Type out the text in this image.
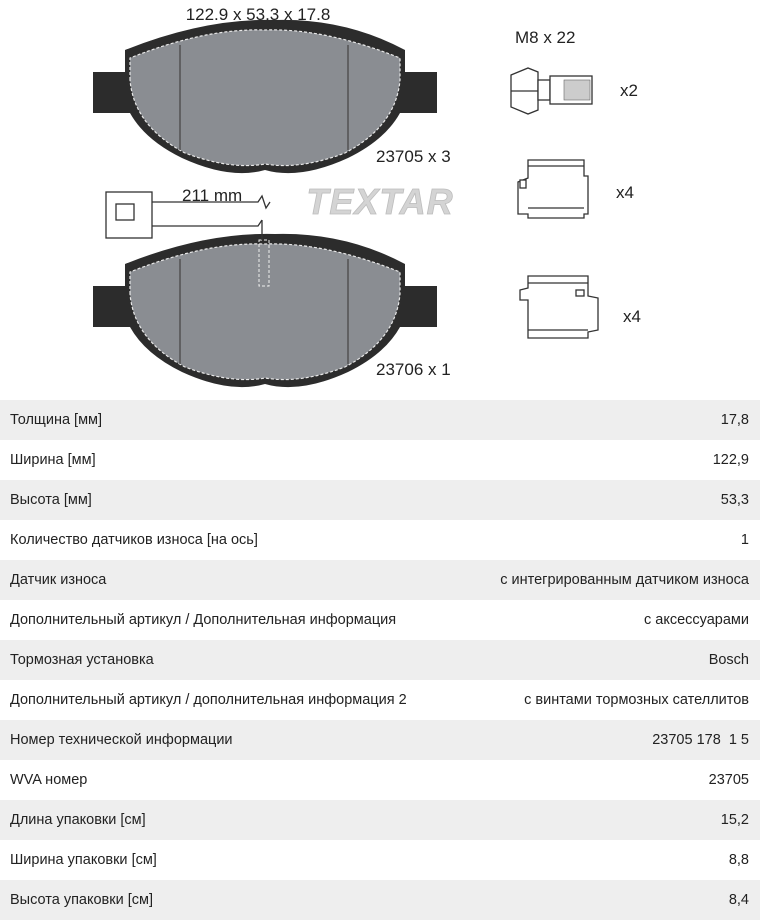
122.9 x 53.3 x 17.8
M8 x 22
x2
23705 x 3
211 mm TEXTAR	x4
x4
23706 x 1
Толщина [мм]	17,8
Ширина [мм]	122,9
Высота [мм]	53,3
Количество датчиков износа [на ось]	1
Датчик износа	с интегрированным датчиком износа
Дополнительный артикул / Дополнительная информация	с аксессуарами
Тормозная установка	Bosch
Дополнительный артикул / дополнительная информация 2	с винтами тормозных сателлитов
Номер технической информации	23705 178  1 5
WVA номер	23705
Длина упаковки [см]	15,2
Ширина упаковки [см]	8,8
Высота упаковки [см]	8,4
